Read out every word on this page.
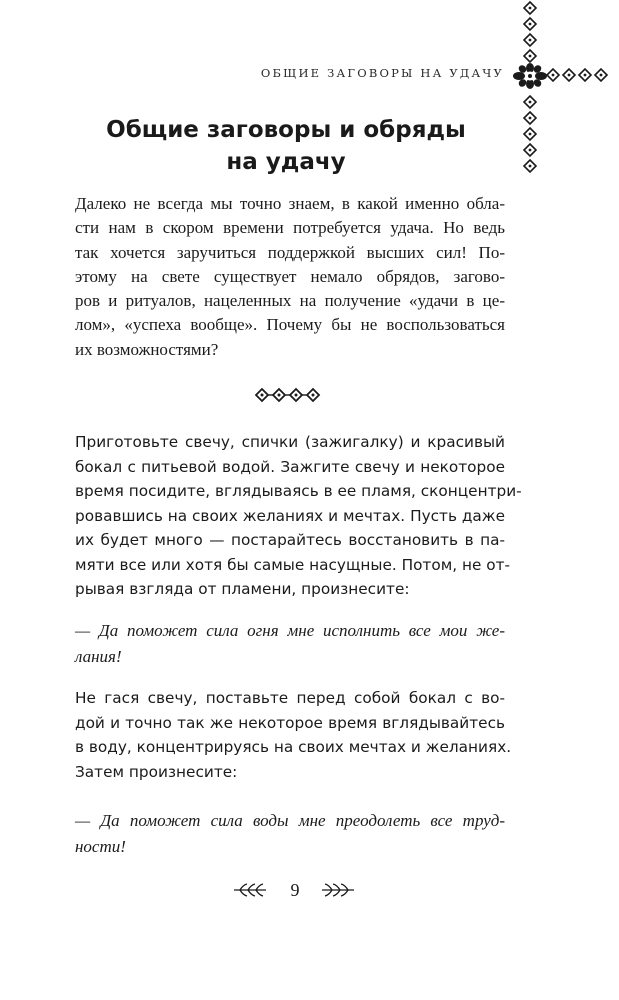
ОБЩИЕ ЗАГОВОРЫ НА УДАЧУ
Общие заговоры и обряды
на удачу
Далеко не всегда мы точно знаем, в какой именно обла-
сти нам в скором времени потребуется удача. Но ведь
так хочется заручиться поддержкой высших сил! По-
этому на свете существует немало обрядов, загово-
ров и ритуалов, нацеленных на получение «удачи в це-
лом», «успеха вообще». Почему бы не воспользоваться
их возможностями?
Приготовьте свечу, спички (зажигалку) и красивый
бокал с питьевой водой. Зажгите свечу и некоторое
время посидите, вглядываясь в ее пламя, сконцентри-
ровавшись на своих желаниях и мечтах. Пусть даже
их будет много — постарайтесь восстановить в па-
мяти все или хотя бы самые насущные. Потом, не от-
рывая взгляда от пламени, произнесите:
— Да поможет сила огня мне исполнить все мои же-
лания!
Не гася свечу, поставьте перед собой бокал с во-
дой и точно так же некоторое время вглядывайтесь
в воду, концентрируясь на своих мечтах и желаниях.
Затем произнесите:
— Да поможет сила воды мне преодолеть все труд-
ности!
9
